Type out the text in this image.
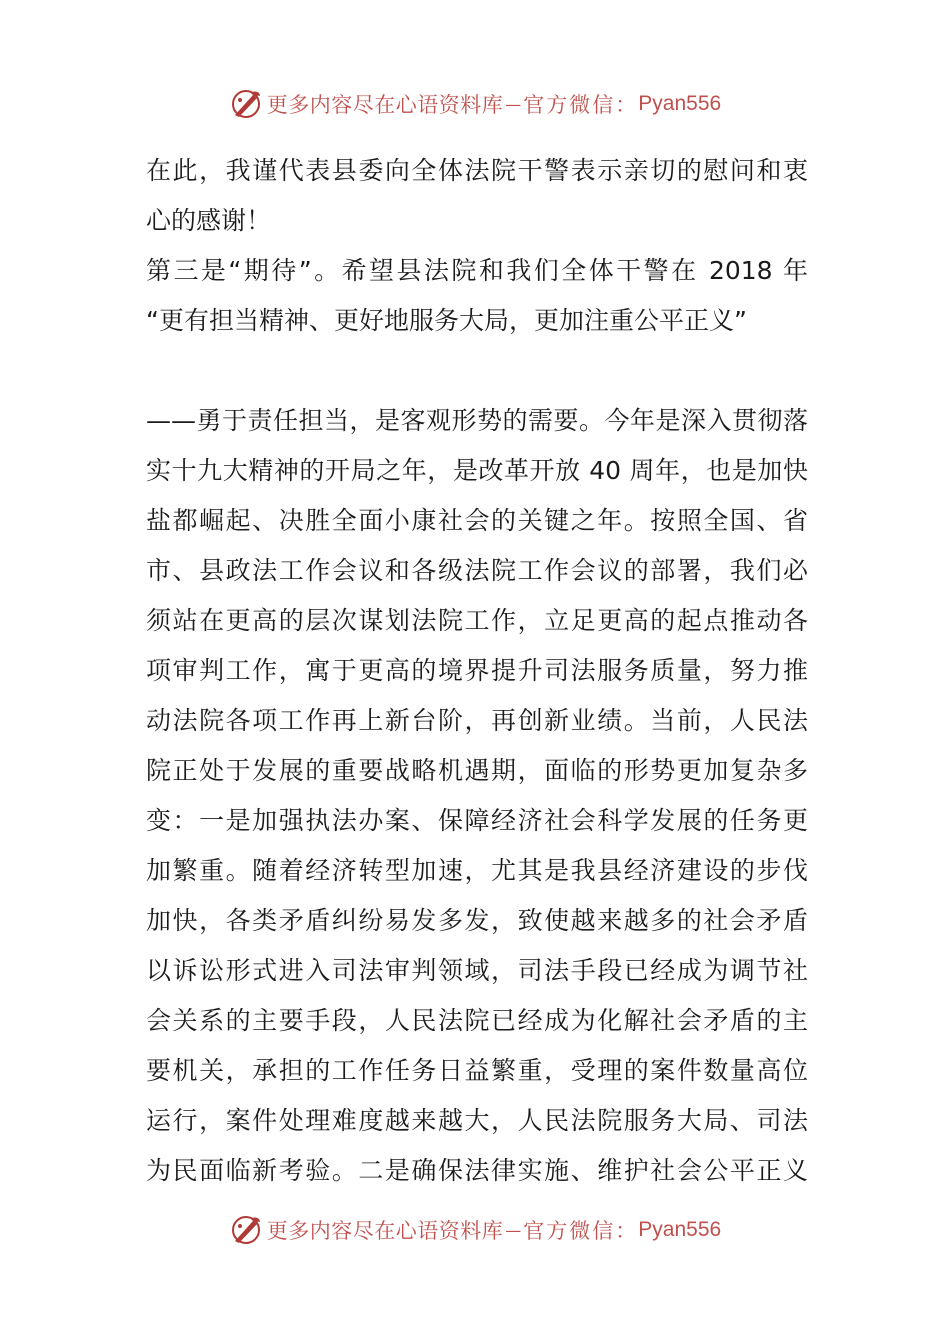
更多内容尽在心语资料库 — 官方微信： Pyan556
在此，我谨代表县委向全体法院干警表示亲切的慰问和衷
心的感谢！
第三是“期待”。希望县法院和我们全体干警在 2018 年
“更有担当精神、更好地服务大局，更加注重公平正义”
——勇于责任担当，是客观形势的需要。今年是深入贯彻落
实十九大精神的开局之年，是改革开放 40 周年，也是加快
盐都崛起、决胜全面小康社会的关键之年。按照全国、省
市、县政法工作会议和各级法院工作会议的部署，我们必
须站在更高的层次谋划法院工作，立足更高的起点推动各
项审判工作，寓于更高的境界提升司法服务质量，努力推
动法院各项工作再上新台阶，再创新业绩。当前，人民法
院正处于发展的重要战略机遇期，面临的形势更加复杂多
变：一是加强执法办案、保障经济社会科学发展的任务更
加繁重。随着经济转型加速，尤其是我县经济建设的步伐
加快，各类矛盾纠纷易发多发，致使越来越多的社会矛盾
以诉讼形式进入司法审判领域，司法手段已经成为调节社
会关系的主要手段，人民法院已经成为化解社会矛盾的主
要机关，承担的工作任务日益繁重，受理的案件数量高位
运行，案件处理难度越来越大，人民法院服务大局、司法
为民面临新考验。二是确保法律实施、维护社会公平正义
更多内容尽在心语资料库 — 官方微信： Pyan556
